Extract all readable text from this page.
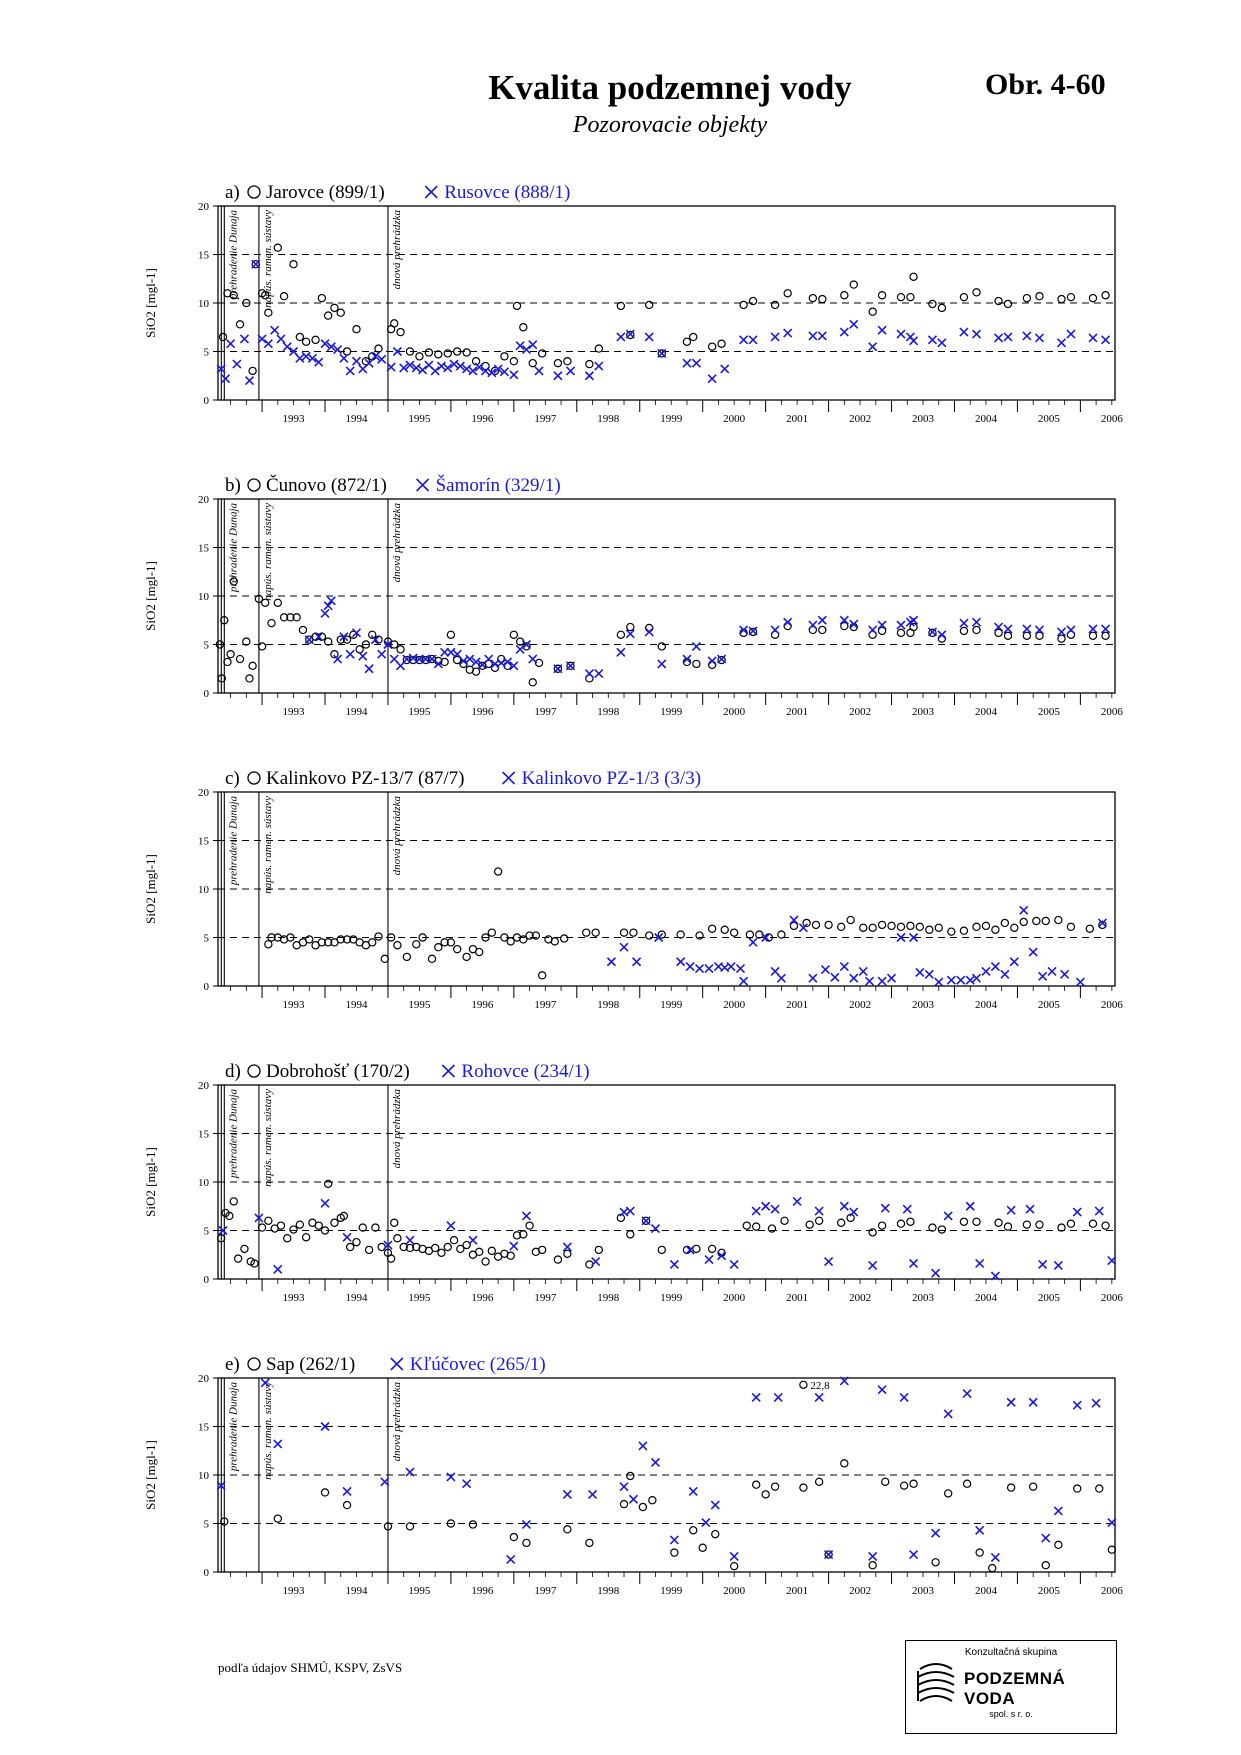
Kvalita podzemnej vody
Pozorovacie objekty
Obr. 4-60
a) Jarovce (899/1)	Rusovce (888/1)
0
5
10
15
20
SiO2 [mgl-1]
1993	1994	1995	1996	1997	1998	1999	2000	2001	2002	2003	2004	2005	2006
prehradenie Dunaja napús. ramen. sústavy	dnová prehrádzka
b) Čunovo (872/1)	Šamorín (329/1)
0
5
10
15
20
SiO2 [mgl-1]
1993	1994	1995	1996	1997	1998	1999	2000	2001	2002	2003	2004	2005	2006
prehradenie Dunaja napús. ramen. sústavy	dnová prehrádzka
c) Kalinkovo PZ-13/7 (87/7)	Kalinkovo PZ-1/3 (3/3)
0
5
10
15
20
SiO2 [mgl-1]
1993	1994	1995	1996	1997	1998	1999	2000	2001	2002	2003	2004	2005	2006
prehradenie Dunaja napús. ramen. sústavy	dnová prehrádzka
d) Dobrohošť (170/2)	Rohovce (234/1)
0
5
10
15
20
SiO2 [mgl-1]
1993	1994	1995	1996	1997	1998	1999	2000	2001	2002	2003	2004	2005	2006
prehradenie Dunaja napús. ramen. sústavy	dnová prehrádzka
e) Sap (262/1)	Kľúčovec (265/1)
0
5
10
15
20
SiO2 [mgl-1]
1993	1994	1995	1996	1997	1998	1999	2000	2001	2002	2003	2004	2005	2006
prehradenie Dunaja napús. ramen. sústavy	dnová prehrádzka	22,8
podľa údajov SHMÚ, KSPV, ZsVS
Konzultačná skupina
PODZEMNÁ VODA
spol. s r. o.
